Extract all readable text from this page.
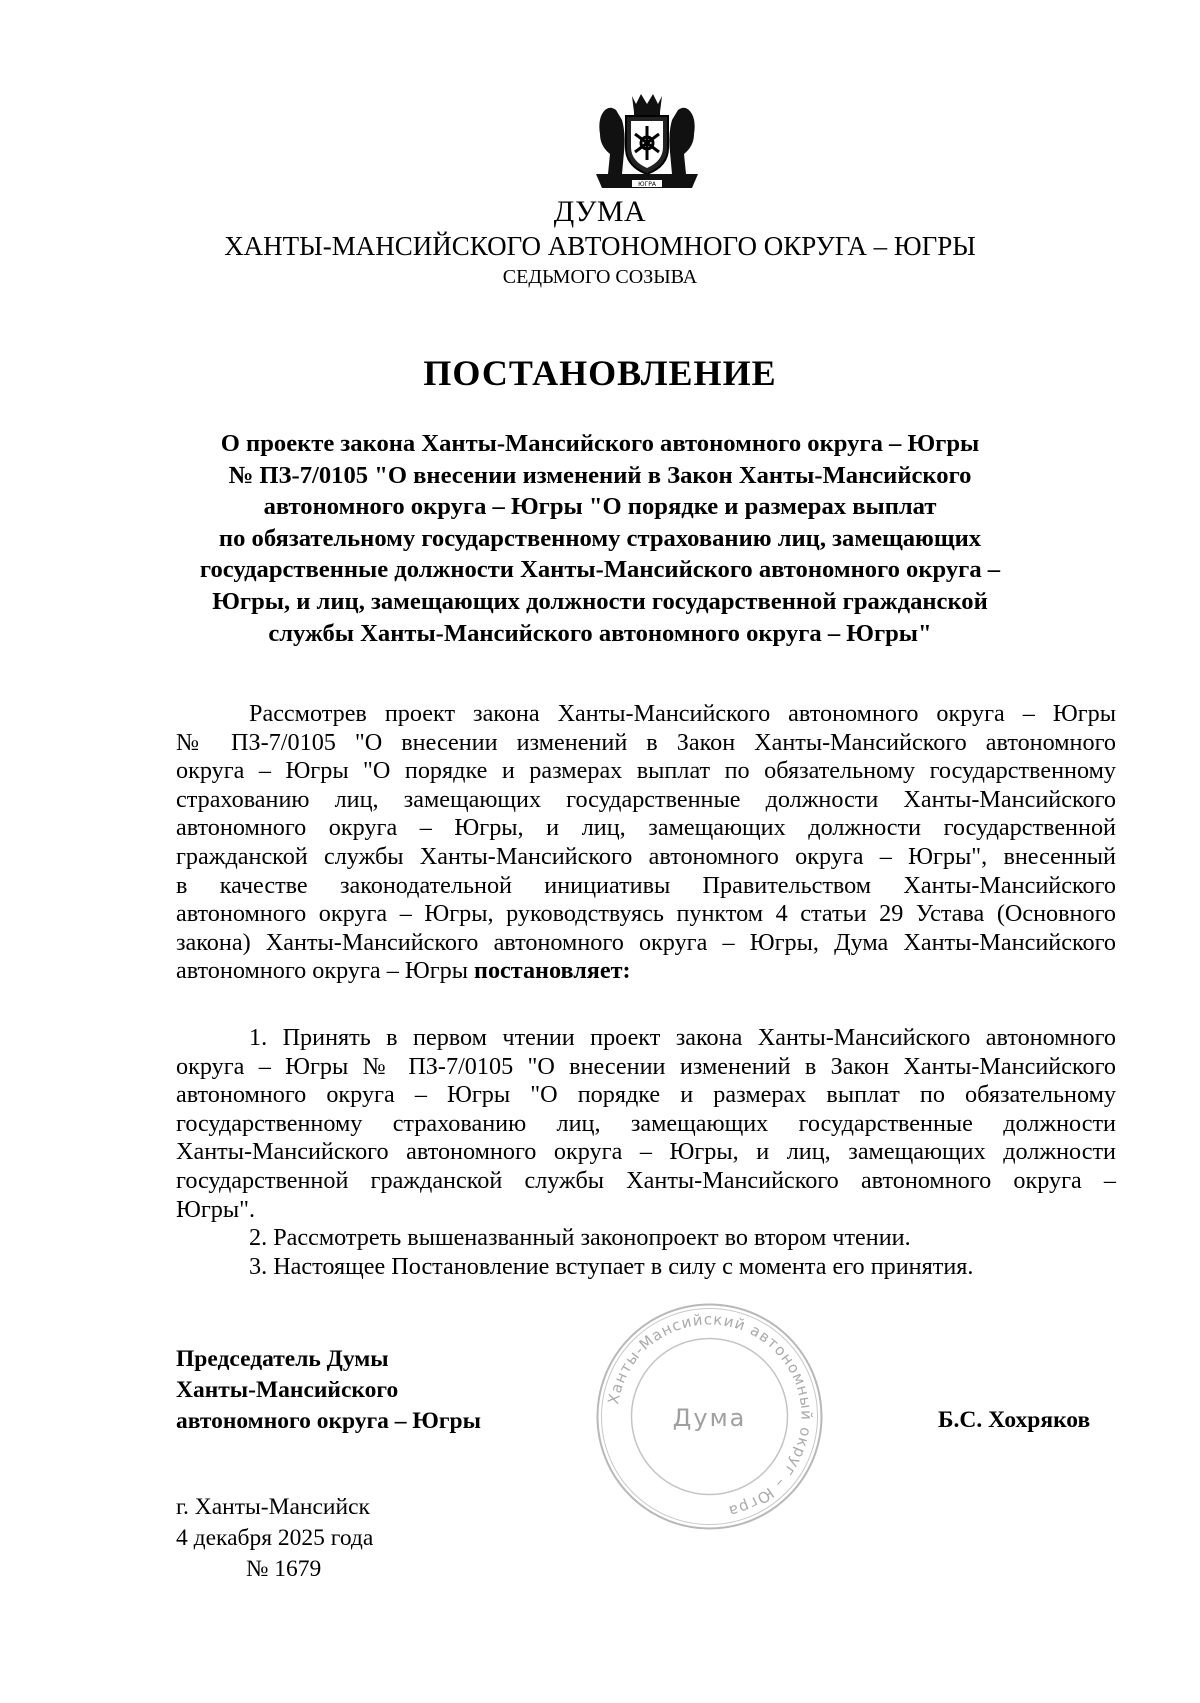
ЮГРА
ДУМА
ХАНТЫ-МАНСИЙСКОГО АВТОНОМНОГО ОКРУГА – ЮГРЫ
СЕДЬМОГО СОЗЫВА
ПОСТАНОВЛЕНИЕ
О проекте закона Ханты-Мансийского автономного округа – Югры
№ ПЗ-7/0105 "О внесении изменений в Закон Ханты-Мансийского
автономного округа – Югры "О порядке и размерах выплат
по обязательному государственному страхованию лиц, замещающих
государственные должности Ханты-Мансийского автономного округа –
Югры, и лиц, замещающих должности государственной гражданской
службы Ханты-Мансийского автономного округа – Югры"
Рассмотрев проект закона Ханты-Мансийского автономного округа – Югры
№ ПЗ-7/0105 "О внесении изменений в Закон Ханты-Мансийского автономного
округа – Югры "О порядке и размерах выплат по обязательному государственному
страхованию лиц, замещающих государственные должности Ханты-Мансийского
автономного округа – Югры, и лиц, замещающих должности государственной
гражданской службы Ханты-Мансийского автономного округа – Югры", внесенный
в качестве законодательной инициативы Правительством Ханты-Мансийского
автономного округа – Югры, руководствуясь пунктом 4 статьи 29 Устава (Основного
закона) Ханты-Мансийского автономного округа – Югры, Дума Ханты-Мансийского
автономного округа – Югры постановляет:
1. Принять в первом чтении проект закона Ханты-Мансийского автономного
округа – Югры № ПЗ-7/0105 "О внесении изменений в Закон Ханты-Мансийского
автономного округа – Югры "О порядке и размерах выплат по обязательному
государственному страхованию лиц, замещающих государственные должности
Ханты-Мансийского автономного округа – Югры, и лиц, замещающих должности
государственной гражданской службы Ханты-Мансийского автономного округа –
Югры".
2. Рассмотреть вышеназванный законопроект во втором чтении.
3. Настоящее Постановление вступает в силу с момента его принятия.
Председатель Думы
Ханты-Мансийского
автономного округа – Югры
Ханты-Мансийский автономный округ – Югра
Дума	Б.С. Хохряков
г. Ханты-Мансийск
4 декабря 2025 года
№ 1679
